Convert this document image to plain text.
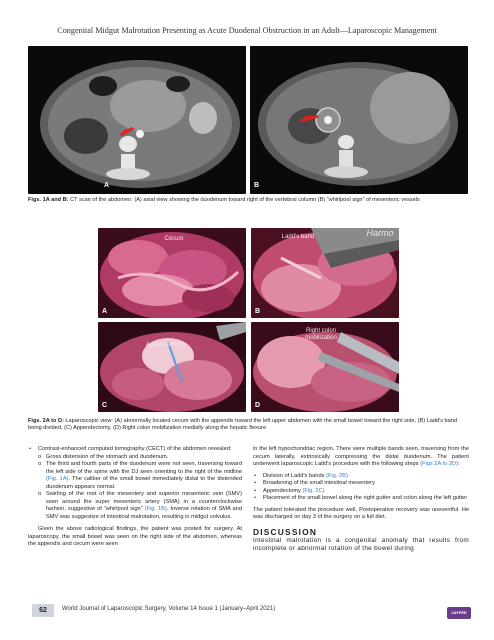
Congenital Midgut Malrotation Presenting as Acute Duodenal Obstruction in an Adult—Laparoscopic Management
A	B
Figs. 1A and B: CT scan of the abdomen: (A) axial view showing the duodenum toward right of the vertebral column (B) “whirlpool sign” of mesenteric vessels
Cecum
A
Harmo
Ladd's band
B
Appendectomy
C
Right colon mobilization
D
Figs. 2A to D: Laparoscopic view: (A) abnormally located cecum with the appendix toward the left upper abdomen with the small bowel toward the right side, (B) Ladd's band being divided, (C) Appendectomy, (D) Right colon mobilization medially along the hepatic flexure
• Contrast-enhanced computed tomography (CECT) of the abdomen revealed:

o Gross distension of the stomach and duodenum.

o The third and fourth parts of the duodenum were not seen, traversing toward the left side of the spine with the DJ seen orienting to the right of the midline (Fig. 1A). The caliber of the small bowel immediately distal to the distended duodenum appears normal.

o Swirling of the root of the mesentery and superior mesenteric vein (SMV) seen around the super mesenteric artery (SMA) in a counterclockwise fashion, suggestive of “whirlpool sign” (Fig. 1B). Inverse relation of SMA and SMV was suggestive of intestinal malrotation, resulting in midgut volvulus.

Given the above radiological findings, the patient was posted for surgery. At laparoscopy, the small bowel was seen on the right side of the abdomen, whereas the appendix and cecum were seen

in the left hypochondriac region. There were multiple bands seen, traversing from the cecum laterally, extrinsically compressing the distal duodenum. The patient underwent laparoscopic Ladd's procedure with the following steps (Figs 2A to 2D):

• Division of Ladd's bands (Fig. 2B)

• Broadening of the small intestinal mesentery

• Appendectomy (Fig. 2C)

• Placement of the small bowel along the right gutter and colon along the left gutter

The patient tolerated the procedure well. Postoperative recovery was uneventful. He was discharged on day 3 of the surgery on a full diet.

DISCUSSION

Intestinal malrotation is a congenital anomaly that results from incomplete or abnormal rotation of the bowel during

62	World Journal of Laparoscopic Surgery, Volume 14 Issue 1 (January–April 2021)
JAYPEE
